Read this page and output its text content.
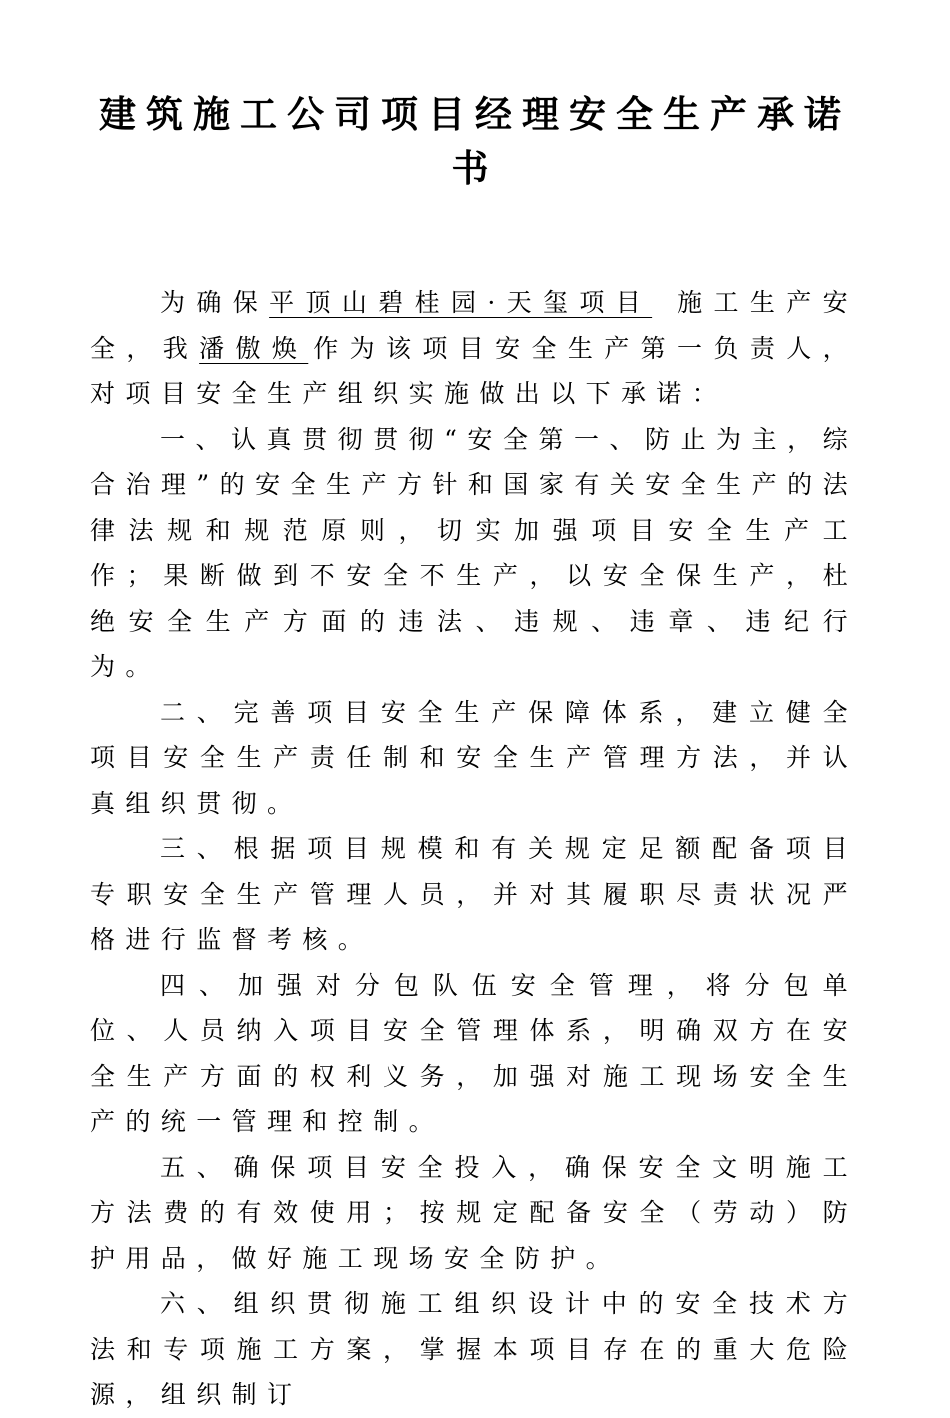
建筑施工公司项目经理安全生产承诺书

为确保平顶山碧桂园·天玺项目 施工生产安全，我潘傲焕 作为该项目安全生产第一负责人，对项目安全生产组织实施做出以下承诺：

一、认真贯彻贯彻“安全第一、防止为主，综合治理”的安全生产方针和国家有关安全生产的法律法规和规范原则，切实加强项目安全生产工作；果断做到不安全不生产，以安全保生产，杜绝安全生产方面的违法、违规、违章、违纪行为。

二、完善项目安全生产保障体系，建立健全项目安全生产责任制和安全生产管理方法，并认真组织贯彻。

三、根据项目规模和有关规定足额配备项目专职安全生产管理人员，并对其履职尽责状况严格进行监督考核。

四、加强对分包队伍安全管理，将分包单位、人员纳入项目安全管理体系，明确双方在安全生产方面的权利义务，加强对施工现场安全生产的统一管理和控制。

五、确保项目安全投入，确保安全文明施工方法费的有效使用；按规定配备安全（劳动）防护用品，做好施工现场安全防护。

六、组织贯彻施工组织设计中的安全技术方法和专项施工方案，掌握本项目存在的重大危险源，组织制订
